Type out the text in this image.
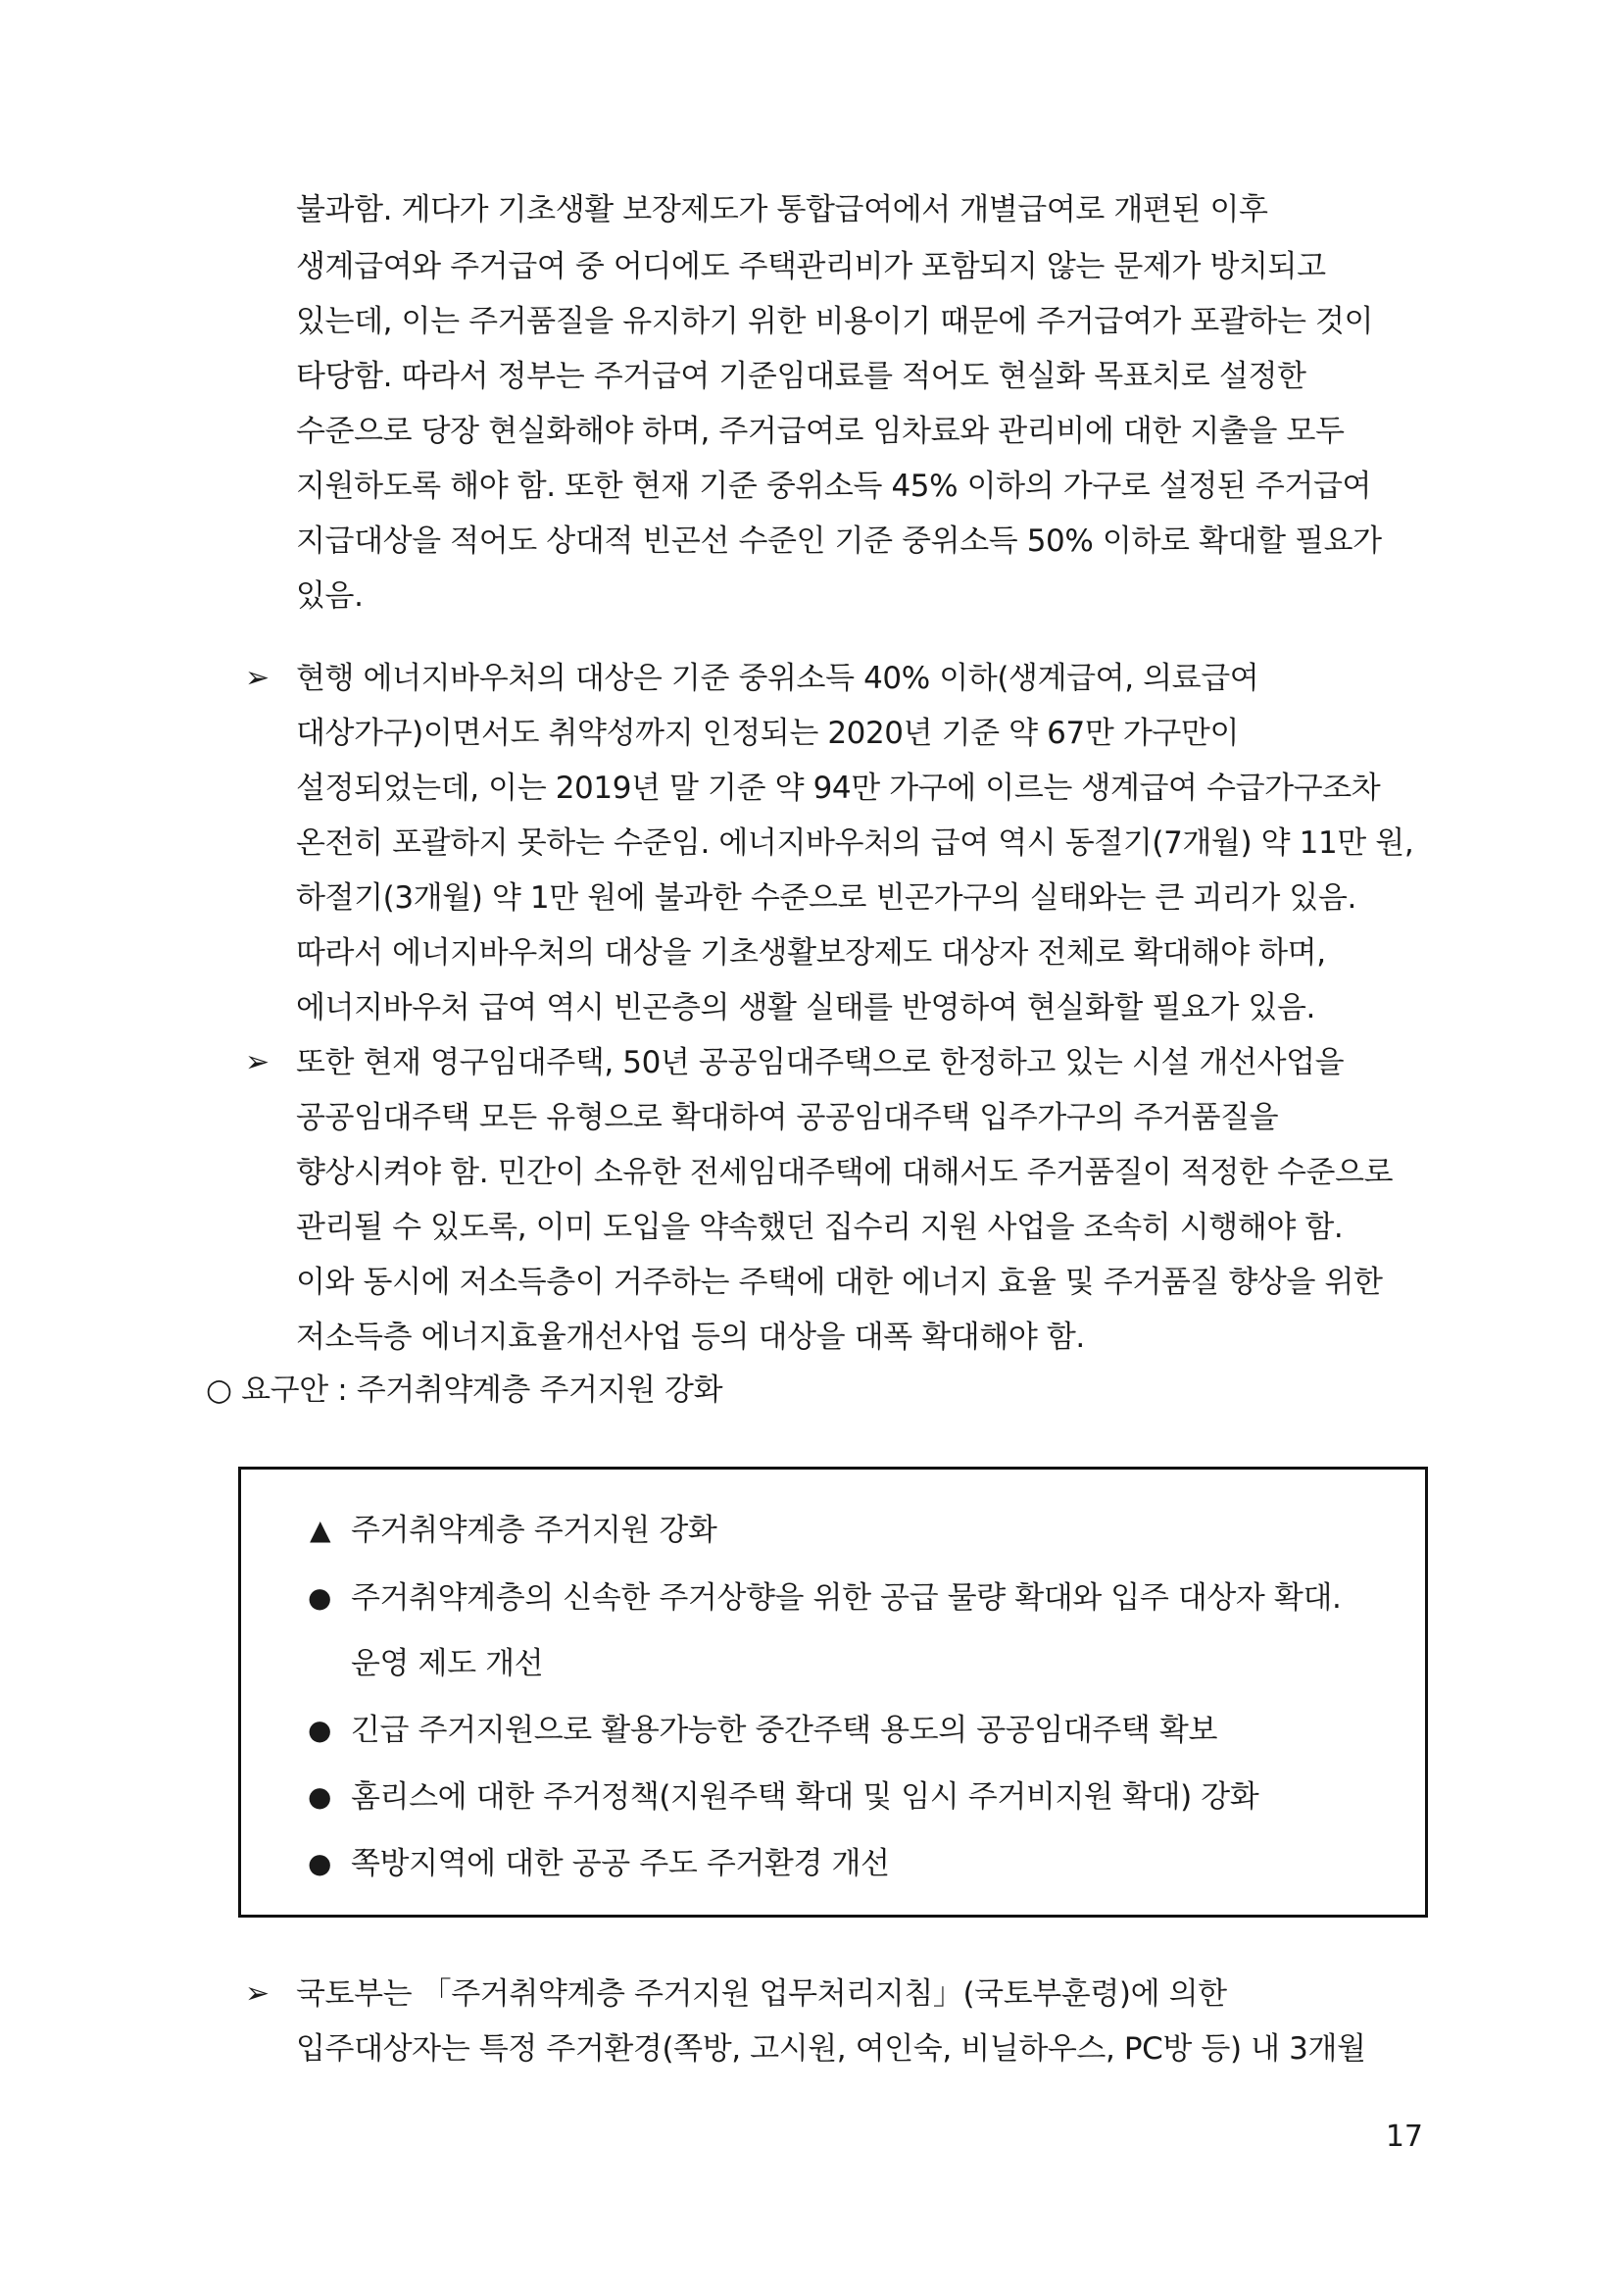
불과함. 게다가 기초생활 보장제도가 통합급여에서 개별급여로 개편된 이후
생계급여와 주거급여 중 어디에도 주택관리비가 포함되지 않는 문제가 방치되고
있는데, 이는 주거품질을 유지하기 위한 비용이기 때문에 주거급여가 포괄하는 것이
타당함. 따라서 정부는 주거급여 기준임대료를 적어도 현실화 목표치로 설정한
수준으로 당장 현실화해야 하며, 주거급여로 임차료와 관리비에 대한 지출을 모두
지원하도록 해야 함. 또한 현재 기준 중위소득 45% 이하의 가구로 설정된 주거급여
지급대상을 적어도 상대적 빈곤선 수준인 기준 중위소득 50% 이하로 확대할 필요가
있음.
➢ 현행 에너지바우처의 대상은 기준 중위소득 40% 이하(생계급여, 의료급여
대상가구)이면서도 취약성까지 인정되는 2020년 기준 약 67만 가구만이
설정되었는데, 이는 2019년 말 기준 약 94만 가구에 이르는 생계급여 수급가구조차
온전히 포괄하지 못하는 수준임. 에너지바우처의 급여 역시 동절기(7개월) 약 11만 원,
하절기(3개월) 약 1만 원에 불과한 수준으로 빈곤가구의 실태와는 큰 괴리가 있음.
따라서 에너지바우처의 대상을 기초생활보장제도 대상자 전체로 확대해야 하며,
에너지바우처 급여 역시 빈곤층의 생활 실태를 반영하여 현실화할 필요가 있음.
➢ 또한 현재 영구임대주택, 50년 공공임대주택으로 한정하고 있는 시설 개선사업을
공공임대주택 모든 유형으로 확대하여 공공임대주택 입주가구의 주거품질을
향상시켜야 함. 민간이 소유한 전세임대주택에 대해서도 주거품질이 적정한 수준으로
관리될 수 있도록, 이미 도입을 약속했던 집수리 지원 사업을 조속히 시행해야 함.
이와 동시에 저소득층이 거주하는 주택에 대한 에너지 효율 및 주거품질 향상을 위한
저소득층 에너지효율개선사업 등의 대상을 대폭 확대해야 함.
○ 요구안 : 주거취약계층 주거지원 강화
▲ 주거취약계층 주거지원 강화
● 주거취약계층의 신속한 주거상향을 위한 공급 물량 확대와 입주 대상자 확대.
운영 제도 개선
● 긴급 주거지원으로 활용가능한 중간주택 용도의 공공임대주택 확보
● 홈리스에 대한 주거정책(지원주택 확대 및 임시 주거비지원 확대) 강화
● 쪽방지역에 대한 공공 주도 주거환경 개선
➢ 국토부는 「주거취약계층 주거지원 업무처리지침」(국토부훈령)에 의한
입주대상자는 특정 주거환경(쪽방, 고시원, 여인숙, 비닐하우스, PC방 등) 내 3개월
17
